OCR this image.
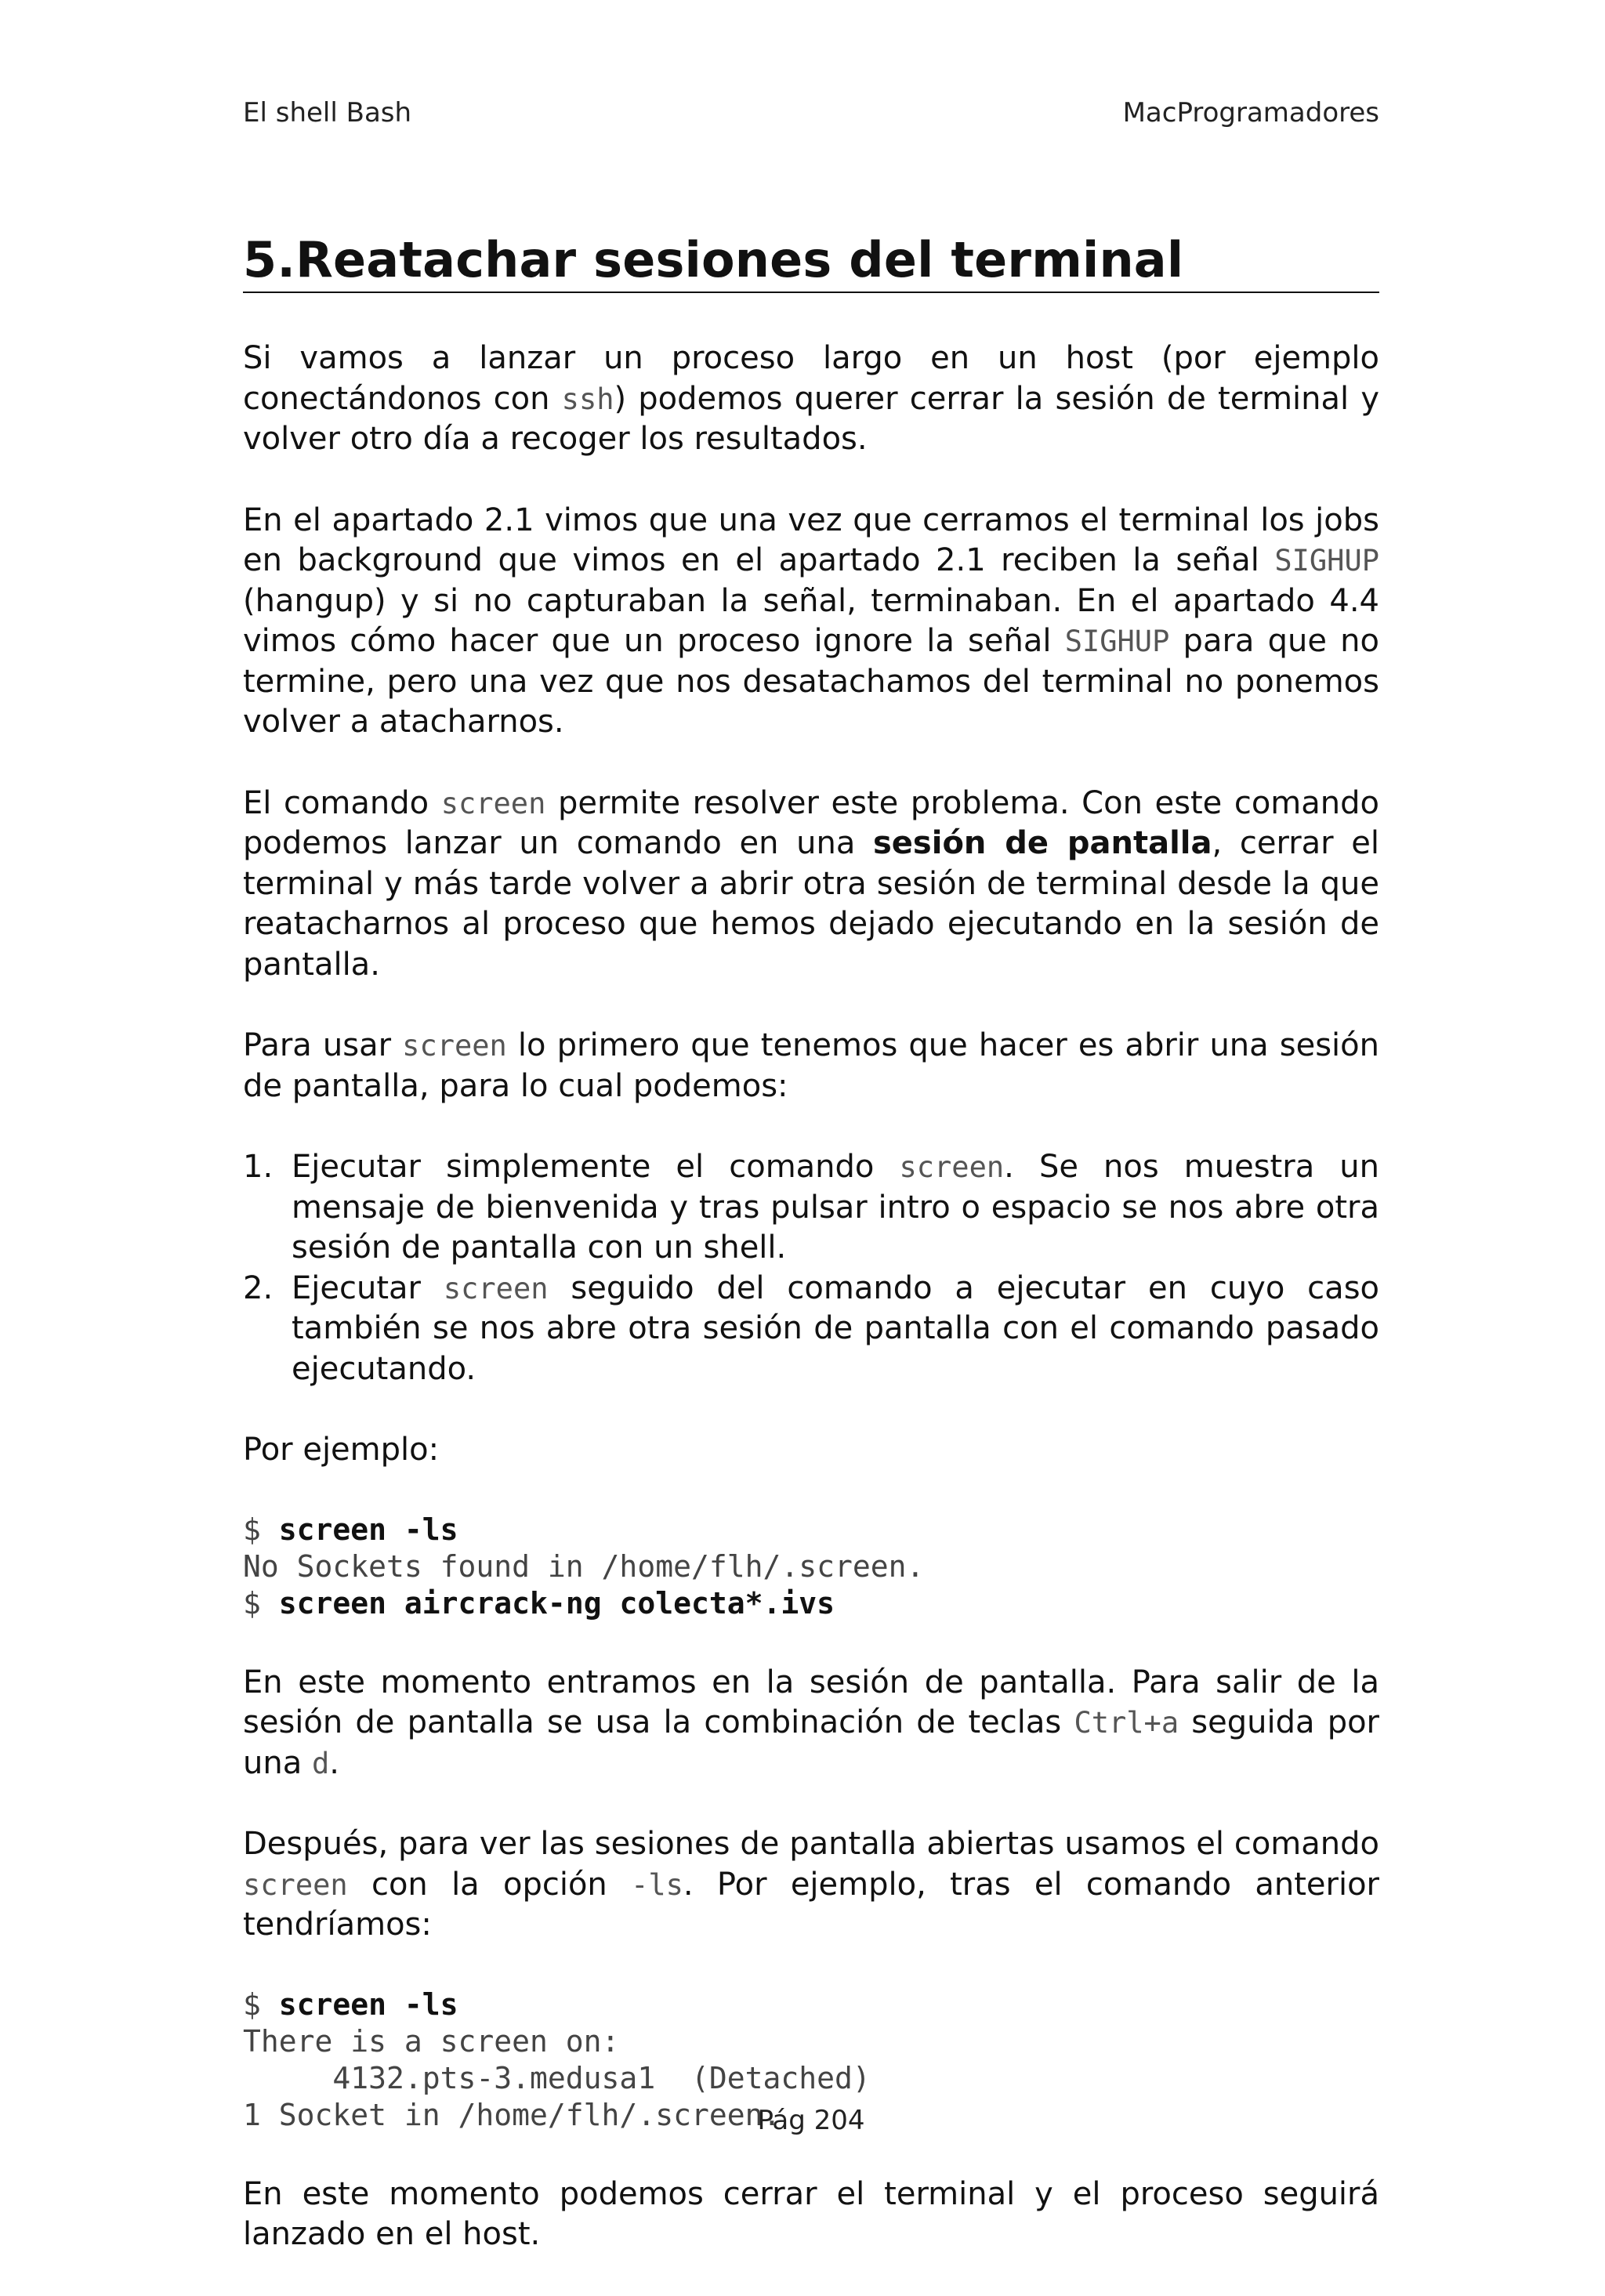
El shell Bash	MacProgramadores
5.Reatachar sesiones del terminal

Si vamos a lanzar un proceso largo en un host (por ejemplo conectándonos con ssh) podemos querer cerrar la sesión de terminal y volver otro día a recoger los resultados.

En el apartado 2.1 vimos que una vez que cerramos el terminal los jobs en background que vimos en el apartado 2.1 reciben la señal SIGHUP (hangup) y si no capturaban la señal, terminaban. En el apartado 4.4 vimos cómo hacer que un proceso ignore la señal SIGHUP para que no termine, pero una vez que nos desatachamos del terminal no ponemos volver a atacharnos.

El comando screen permite resolver este problema. Con este comando podemos lanzar un comando en una sesión de pantalla, cerrar el terminal y más tarde volver a abrir otra sesión de terminal desde la que reatacharnos al proceso que hemos dejado ejecutando en la sesión de pantalla.

Para usar screen lo primero que tenemos que hacer es abrir una sesión de pantalla, para lo cual podemos:

1. Ejecutar simplemente el comando screen. Se nos muestra un mensaje de bienvenida y tras pulsar intro o espacio se nos abre otra sesión de pantalla con un shell.
2. Ejecutar screen seguido del comando a ejecutar en cuyo caso también se nos abre otra sesión de pantalla con el comando pasado ejecutando.

Por ejemplo:

$ screen -ls
No Sockets found in /home/flh/.screen.
$ screen aircrack-ng colecta*.ivs

En este momento entramos en la sesión de pantalla. Para salir de la sesión de pantalla se usa la combinación de teclas Ctrl+a seguida por una d.

Después, para ver las sesiones de pantalla abiertas usamos el comando screen con la opción -ls. Por ejemplo, tras el comando anterior tendríamos:

$ screen -ls
There is a screen on:
4132.pts-3.medusa1  (Detached)
1 Socket in /home/flh/.screen.

En este momento podemos cerrar el terminal y el proceso seguirá lanzado en el host.

Pág 204
